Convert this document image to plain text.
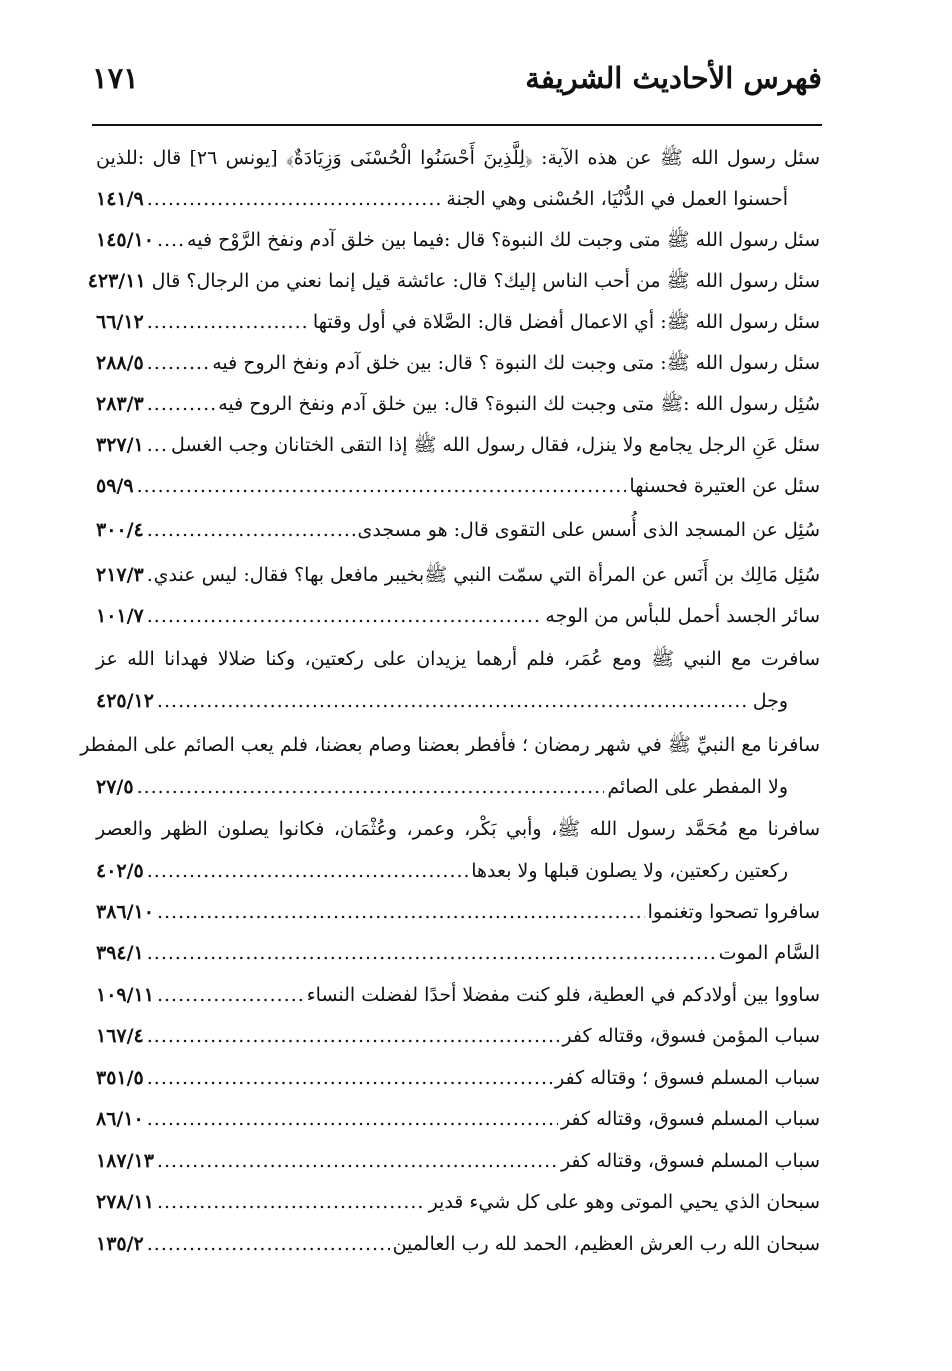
فهرس الأحاديث الشريفة
١٧١
سئل رسول الله ﷺ عن هذه الآية: ﴿لِلَّذِينَ أَحْسَنُوا الْحُسْنَى وَزِيَادَةٌ﴾ [يونس ٢٦] قال :للذين
أحسنوا العمل في الدُّنْيَا، الحُسْنى وهي الجنة
.....
١٤١/٩
سئل رسول الله ﷺ متى وجبت لك النبوة؟ قال :فيما بين خلق آدم ونفخ الرَّوْح فيه
.....
١٤٥/١٠
سئل رسول الله ﷺ من أحب الناس إليك؟ قال: عائشة قيل إنما نعني من الرجال؟ قال
٤٢٣/١١
سئل رسول الله ﷺ: أي الاعمال أفضل قال: الصَّلاة في أول وقتها
.....
٦٦/١٢
سئل رسول الله ﷺ: متى وجبت لك النبوة ؟ قال: بين خلق آدم ونفخ الروح فيه
.....
٢٨٨/٥
سُئِل رسول الله :ﷺ متى وجبت لك النبوة؟ قال: بين خلق آدم ونفخ الروح فيه
.....
٢٨٣/٣
سئل عَنِ الرجل يجامع ولا ينزل، فقال رسول الله ﷺ إذا التقى الختانان وجب الغسل
.....
٣٢٧/١
سئل عن العتيرة فحسنها
.....
٥٩/٩
سُئِل عن المسجد الذى أُسس على التقوى قال: هو مسجدى
.....
٣٠٠/٤
سُئِل مَالِك بن أَنَس عن المرأة التي سمّت النبي ﷺبخيبر مافعل بها؟ فقال: ليس عندي
.....
٢١٧/٣
سائر الجسد أحمل للبأس من الوجه
.....
١٠١/٧
سافرت مع النبي ﷺ ومع عُمَر، فلم أرهما يزيدان على ركعتين، وكنا ضلالا فهدانا الله عز
وجل
.....
٤٢٥/١٢
سافرنا مع النبيِّ ﷺ في شهر رمضان ؛ فأفطر بعضنا وصام بعضنا، فلم يعب الصائم على المفطر
ولا المفطر على الصائم
.....
٢٧/٥
سافرنا مع مُحَمَّد رسول الله ﷺ، وأبي بَكْر، وعمر، وعُثْمَان، فكانوا يصلون الظهر والعصر
ركعتين ركعتين، ولا يصلون قبلها ولا بعدها
.....
٤٠٢/٥
سافروا تصحوا وتغنموا
.....
٣٨٦/١٠
السَّام الموت
.....
٣٩٤/١
ساووا بين أولادكم في العطية، فلو كنت مفضلا أحدًا لفضلت النساء
.....
١٠٩/١١
سباب المؤمن فسوق، وقتاله كفر
.....
١٦٧/٤
سباب المسلم فسوق ؛ وقتاله كفر
.....
٣٥١/٥
سباب المسلم فسوق، وقتاله كفر
.....
٨٦/١٠
سباب المسلم فسوق، وقتاله كفر
.....
١٨٧/١٣
سبحان الذي يحيي الموتى وهو على كل شيء قدير
.....
٢٧٨/١١
سبحان الله رب العرش العظيم، الحمد لله رب العالمين
.....
١٣٥/٢
